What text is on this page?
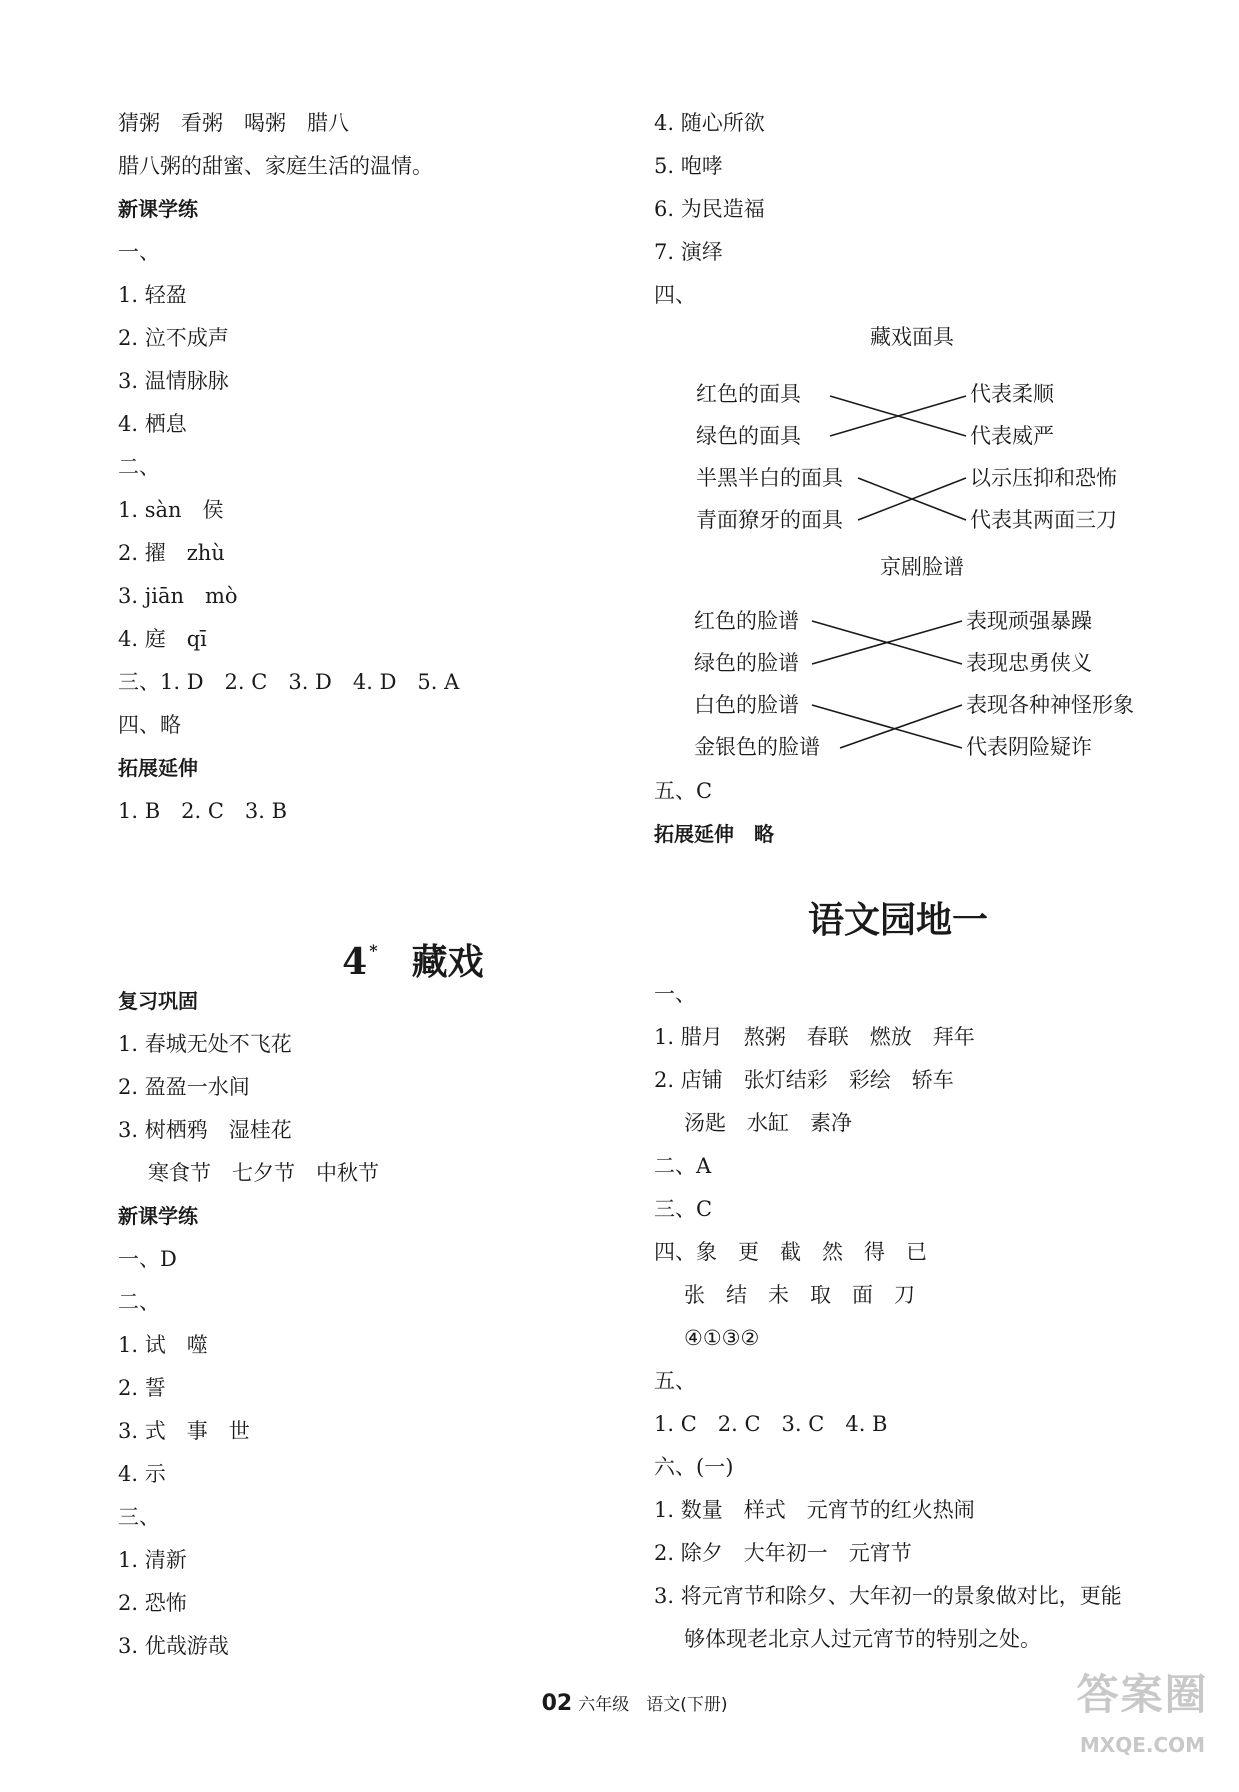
猜粥　看粥　喝粥　腊八
腊八粥的甜蜜、家庭生活的温情。
新课学练
一、
1. 轻盈
2. 泣不成声
3. 温情脉脉
4. 栖息
二、
1. sàn　侯
2. 擢　zhù
3. jiān　mò
4. 庭　qī
三、1. D　2. C　3. D　4. D　5. A
四、略
拓展延伸
1. B　2. C　3. B

4 * 藏戏

复习巩固
1. 春城无处不飞花
2. 盈盈一水间
3. 树栖鸦　湿桂花
寒食节　七夕节　中秋节
新课学练
一、D
二、
1. 试　噬
2. 誓
3. 式　事　世
4. 示
三、
1. 清新
2. 恐怖
3. 优哉游哉
4. 随心所欲
5. 咆哮
6. 为民造福
7. 演绎
四、
藏戏面具
红色的面具
绿色的面具
半黑半白的面具
青面獠牙的面具
代表柔顺
代表威严
以示压抑和恐怖
代表其两面三刀
京剧脸谱
红色的脸谱
绿色的脸谱
白色的脸谱
金银色的脸谱
表现顽强暴躁
表现忠勇侠义
表现各种神怪形象
代表阴险疑诈
五、C
拓展延伸　略
语文园地一
一、
1. 腊月　熬粥　春联　燃放　拜年
2. 店铺　张灯结彩　彩绘　轿车
汤匙　水缸　素净
二、A
三、C
四、象　更　截　然　得　已
张　结　未　取　面　刀
④①③②
五、
1. C　2. C　3. C　4. B
六、(一)
1. 数量　样式　元宵节的红火热闹
2. 除夕　大年初一　元宵节
3. 将元宵节和除夕、大年初一的景象做对比，更能
够体现老北京人过元宵节的特别之处。

02 六年级　语文(下册)
	答案圈
MXQE.COM
